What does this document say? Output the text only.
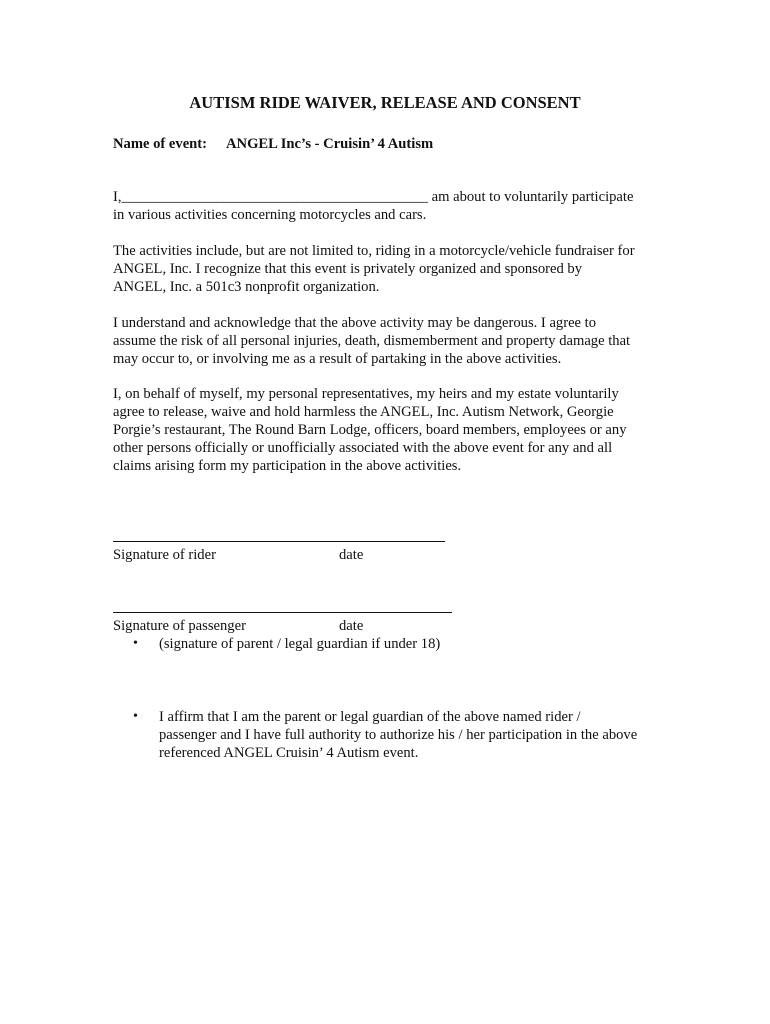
AUTISM RIDE WAIVER, RELEASE AND CONSENT
Name of event: ANGEL Inc’s - Cruisin’ 4 Autism

I,__________________________________________ am about to voluntarily participate

in various activities concerning motorcycles and cars.

The activities include, but are not limited to, riding in a motorcycle/vehicle fundraiser for

ANGEL, Inc. I recognize that this event is privately organized and sponsored by

ANGEL, Inc. a 501c3 nonprofit organization.

I understand and acknowledge that the above activity may be dangerous. I agree to

assume the risk of all personal injuries, death, dismemberment and property damage that

may occur to, or involving me as a result of partaking in the above activities.

I, on behalf of myself, my personal representatives, my heirs and my estate voluntarily

agree to release, waive and hold harmless the ANGEL, Inc. Autism Network, Georgie

Porgie’s restaurant, The Round Barn Lodge, officers, board members, employees or any

other persons officially or unofficially associated with the above event for any and all

claims arising form my participation in the above activities.

Signature of rider	date
Signature of passenger	date
•	(signature of parent / legal guardian if under 18)
•	I affirm that I am the parent or legal guardian of the above named rider /

passenger and I have full authority to authorize his / her participation in the above

referenced ANGEL Cruisin’ 4 Autism event.
